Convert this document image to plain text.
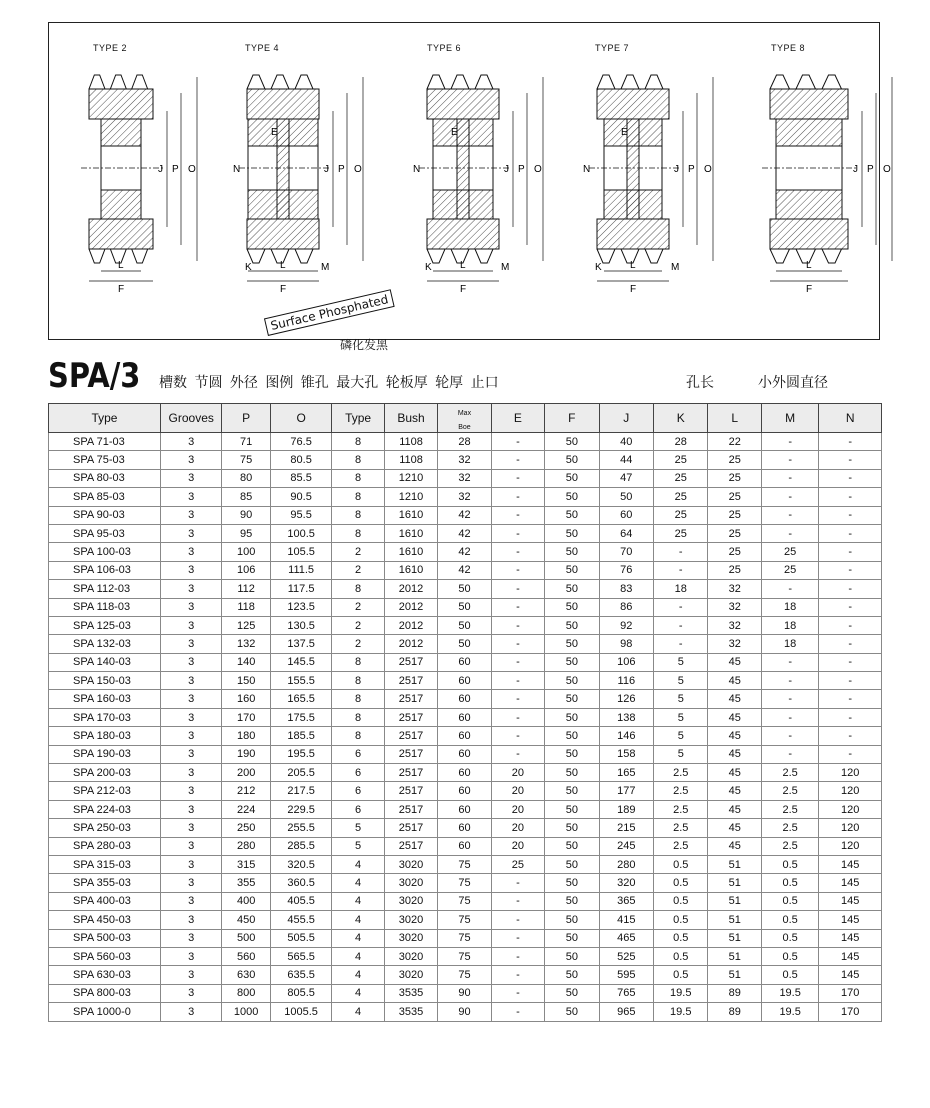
J P O
L
F
J P O
N
L
F
K	M
E
J P O
N
L
F
K	M
E
J P O
N
L
F
K	M
E
J P O
L
F
TYPE 2	TYPE 4	TYPE 6	TYPE 7	TYPE 8
Surface Phosphated
磷化发黑
SPA/3 槽数 节圆 外径 图例 锥孔 最大孔 轮板厚 轮厚 止口	孔长	小外圆直径
Type	Grooves	P	O	Type	Bush	Max
Boe	E	F	J	K	L	M	N
SPA 71-03	3	71	76.5	8	1108	28	-	50	40	28	22	-	-
SPA 75-03	3	75	80.5	8	1108	32	-	50	44	25	25	-	-
SPA 80-03	3	80	85.5	8	1210	32	-	50	47	25	25	-	-
SPA 85-03	3	85	90.5	8	1210	32	-	50	50	25	25	-	-
SPA 90-03	3	90	95.5	8	1610	42	-	50	60	25	25	-	-
SPA 95-03	3	95	100.5	8	1610	42	-	50	64	25	25	-	-
SPA 100-03	3	100	105.5	2	1610	42	-	50	70	-	25	25	-
SPA 106-03	3	106	111.5	2	1610	42	-	50	76	-	25	25	-
SPA 112-03	3	112	117.5	8	2012	50	-	50	83	18	32	-	-
SPA 118-03	3	118	123.5	2	2012	50	-	50	86	-	32	18	-
SPA 125-03	3	125	130.5	2	2012	50	-	50	92	-	32	18	-
SPA 132-03	3	132	137.5	2	2012	50	-	50	98	-	32	18	-
SPA 140-03	3	140	145.5	8	2517	60	-	50	106	5	45	-	-
SPA 150-03	3	150	155.5	8	2517	60	-	50	116	5	45	-	-
SPA 160-03	3	160	165.5	8	2517	60	-	50	126	5	45	-	-
SPA 170-03	3	170	175.5	8	2517	60	-	50	138	5	45	-	-
SPA 180-03	3	180	185.5	8	2517	60	-	50	146	5	45	-	-
SPA 190-03	3	190	195.5	6	2517	60	-	50	158	5	45	-	-
SPA 200-03	3	200	205.5	6	2517	60	20	50	165	2.5	45	2.5	120
SPA 212-03	3	212	217.5	6	2517	60	20	50	177	2.5	45	2.5	120
SPA 224-03	3	224	229.5	6	2517	60	20	50	189	2.5	45	2.5	120
SPA 250-03	3	250	255.5	5	2517	60	20	50	215	2.5	45	2.5	120
SPA 280-03	3	280	285.5	5	2517	60	20	50	245	2.5	45	2.5	120
SPA 315-03	3	315	320.5	4	3020	75	25	50	280	0.5	51	0.5	145
SPA 355-03	3	355	360.5	4	3020	75	-	50	320	0.5	51	0.5	145
SPA 400-03	3	400	405.5	4	3020	75	-	50	365	0.5	51	0.5	145
SPA 450-03	3	450	455.5	4	3020	75	-	50	415	0.5	51	0.5	145
SPA 500-03	3	500	505.5	4	3020	75	-	50	465	0.5	51	0.5	145
SPA 560-03	3	560	565.5	4	3020	75	-	50	525	0.5	51	0.5	145
SPA 630-03	3	630	635.5	4	3020	75	-	50	595	0.5	51	0.5	145
SPA 800-03	3	800	805.5	4	3535	90	-	50	765	19.5	89	19.5	170
SPA 1000-0	3	1000	1005.5	4	3535	90	-	50	965	19.5	89	19.5	170
